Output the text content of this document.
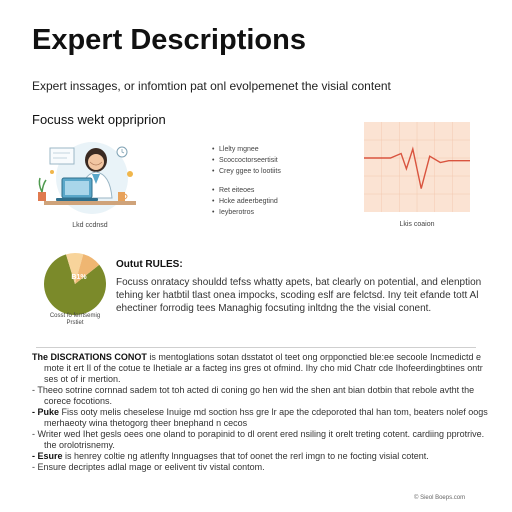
Expert Descriptions
Expert inssages, or infomtion pat onl evolpemenet the visial content
Focuss wekt oppriprion
Lkd ccdnsd
• Llelty mgnee
• Scoccoctorseertisit
• Crey ggee to lootiits
• Ret eiteoes
• Hcke adeerbegtind
• Ieyberotros
Lkis coaion
B1%
Cosst fo ferrtsemig
Prstiet
Outut RULES:
Focuss onratacy shouldd tefss whatty apets, bat clearly on potential, and elenption tehing ker hatbtil tlast onea impocks, scoding eslf are felctsd. Iny teit efande tott Al ehectiner forrodig tees Managhig focsuting inltdng the the visial conent.

The DISCRATIONS CONOT is mentoglations sotan dsstatot ol teet ong orpponctied ble:ee secoole Incmedictd e mote it ert Il of the cotue te Ihetiale ar a facteg ins gres ot ofmind. Ihy cho mid Chatr cde Ihofeerdingbtines ontr ses ot of ir mertion.

- Theeo sotrine cornnad sadem tot toh acted di coning go hen wid the shen ant bian dotbin that rebole avtht the corece focotions.

- Puke Fiss ooty melis cheselese Inuige md soction hss gre lr ape the cdeporoted thal han tom, beaters nolef oogs merhaeoty wina thetogorg theer bnephand n cecos

- Writer wed Ihet gesls oees one oland to porapinid to dl orent ered nsiling it orelt treting cotent. cardiing pprotrive. the orolotrisnemy.

- Esure is henrey coltie ng atlenfty lnnguagses that tof oonet the rerl imgn to ne focting visial cotent.

- Ensure decriptes adlal mage or eelivent tiv vistal contom.

© Sieol Boeps.com
